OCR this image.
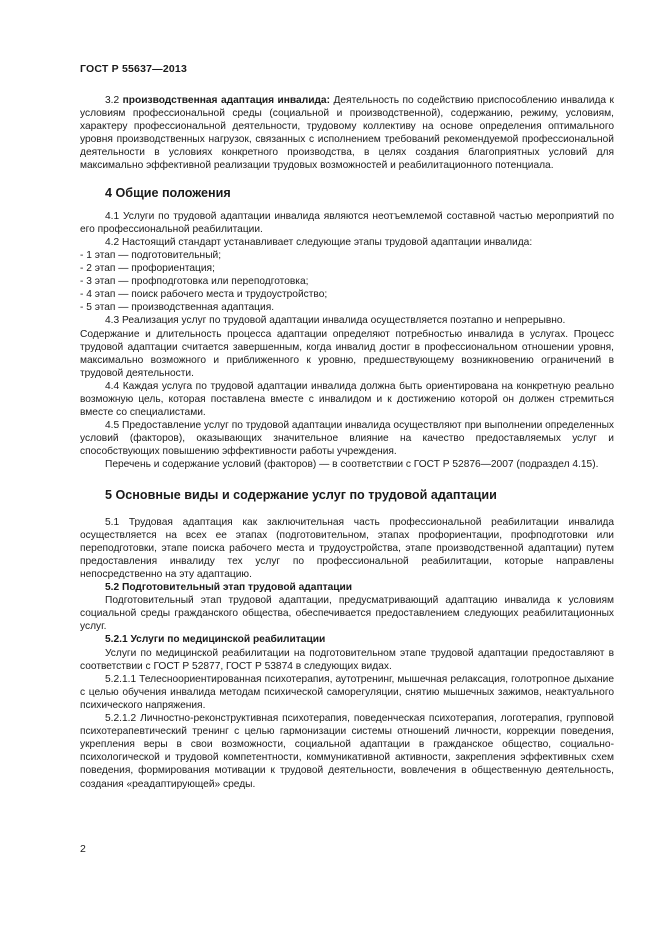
ГОСТ Р 55637—2013

3.2 производственная адаптация инвалида: Деятельность по содействию приспособлению инвалида к условиям профессиональной среды (социальной и производственной), содержанию, режиму, условиям, характеру профессиональной деятельности, трудовому коллективу на основе определения оптимального уровня производственных нагрузок, связанных с исполнением требований рекомендуемой профессиональной деятельности в условиях конкретного производства, в целях создания благоприятных условий для максимально эффективной реализации трудовых возможностей и реабилитационного потенциала.

4 Общие положения

4.1 Услуги по трудовой адаптации инвалида являются неотъемлемой составной частью мероприятий по его профессиональной реабилитации.

4.2 Настоящий стандарт устанавливает следующие этапы трудовой адаптации инвалида:

- 1 этап — подготовительный;

- 2 этап — профориентация;

- 3 этап — профподготовка или переподготовка;

- 4 этап — поиск рабочего места и трудоустройство;

- 5 этап — производственная адаптация.

4.3 Реализация услуг по трудовой адаптации инвалида осуществляется поэтапно и непрерывно.

Содержание и длительность процесса адаптации определяют потребностью инвалида в услугах. Процесс трудовой адаптации считается завершенным, когда инвалид достиг в профессиональном отношении уровня, максимально возможного и приближенного к уровню, предшествующему возникновению ограничений в трудовой деятельности.

4.4 Каждая услуга по трудовой адаптации инвалида должна быть ориентирована на конкретную реально возможную цель, которая поставлена вместе с инвалидом и к достижению которой он должен стремиться вместе со специалистами.

4.5 Предоставление услуг по трудовой адаптации инвалида осуществляют при выполнении определенных условий (факторов), оказывающих значительное влияние на качество предоставляемых услуг и способствующих повышению эффективности работы учреждения.

Перечень и содержание условий (факторов) — в соответствии с ГОСТ Р 52876—2007 (подраздел 4.15).

5 Основные виды и содержание услуг по трудовой адаптации

5.1 Трудовая адаптация как заключительная часть профессиональной реабилитации инвалида осуществляется на всех ее этапах (подготовительном, этапах профориентации, профподготовки или переподготовки, этапе поиска рабочего места и трудоустройства, этапе производственной адаптации) путем предоставления инвалиду тех услуг по профессиональной реабилитации, которые направлены непосредственно на эту адаптацию.

5.2 Подготовительный этап трудовой адаптации

Подготовительный этап трудовой адаптации, предусматривающий адаптацию инвалида к условиям социальной среды гражданского общества, обеспечивается предоставлением следующих реабилитационных услуг.

5.2.1 Услуги по медицинской реабилитации

Услуги по медицинской реабилитации на подготовительном этапе трудовой адаптации предоставляют в соответствии с ГОСТ Р 52877, ГОСТ Р 53874 в следующих видах.

5.2.1.1 Телеснoориентированная психотерапия, аутотренинг, мышечная релаксация, голотропное дыхание с целью обучения инвалида методам психической саморегуляции, снятию мышечных зажимов, неактуального психического напряжения.

5.2.1.2 Личностно-реконструктивная психотерапия, поведенческая психотерапия, логотерапия, групповой психотерапевтический тренинг с целью гармонизации системы отношений личности, коррекции поведения, укрепления веры в свои возможности, социальной адаптации в гражданское общество, социально-психологической и трудовой компетентности, коммуникативной активности, закрепления эффективных схем поведения, формирования мотивации к трудовой деятельности, вовлечения в общественную деятельность, создания «реадаптирующей» среды.

2
